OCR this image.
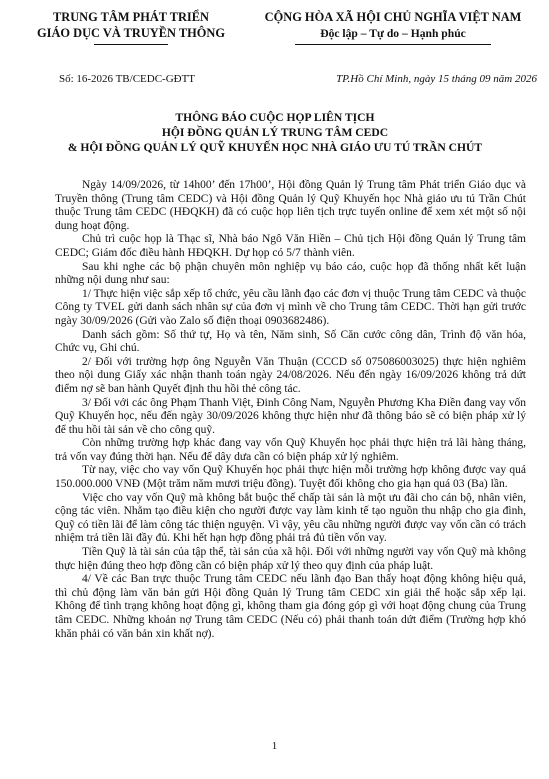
TRUNG TÂM PHÁT TRIỂN
GIÁO DỤC VÀ TRUYỀN THÔNG
CỘNG HÒA XÃ HỘI CHỦ NGHĨA VIỆT NAM
Độc lập – Tự do – Hạnh phúc
Số: 16-2026 TB/CEDC-GĐTT	TP.Hồ Chí Minh, ngày 15 tháng 09 năm 2026
THÔNG BÁO CUỘC HỌP LIÊN TỊCH
HỘI ĐỒNG QUẢN LÝ TRUNG TÂM CEDC
& HỘI ĐỒNG QUẢN LÝ QUỸ KHUYẾN HỌC NHÀ GIÁO ƯU TÚ TRẦN CHÚT

Ngày 14/09/2026, từ 14h00’ đến 17h00’, Hội đồng Quản lý Trung tâm Phát triển Giáo dục và Truyền thông (Trung tâm CEDC) và Hội đồng Quản lý Quỹ Khuyến học Nhà giáo ưu tú Trần Chút thuộc Trung tâm CEDC (HĐQKH) đã có cuộc họp liên tịch trực tuyến online để xem xét một số nội dung hoạt động.

Chủ trì cuộc họp là Thạc sĩ, Nhà báo Ngô Văn Hiền – Chủ tịch Hội đồng Quản lý Trung tâm CEDC; Giám đốc điều hành HĐQKH. Dự họp có 5/7 thành viên.

Sau khi nghe các bộ phận chuyên môn nghiệp vụ báo cáo, cuộc họp đã thống nhất kết luận những nội dung như sau:

1/ Thực hiện việc sắp xếp tổ chức, yêu cầu lãnh đạo các đơn vị thuộc Trung tâm CEDC và thuộc Công ty TVEL gửi danh sách nhân sự của đơn vị mình về cho Trung tâm CEDC. Thời hạn gửi trước ngày 30/09/2026 (Gửi vào Zalo số điện thoại 0903682486).

Danh sách gồm: Số thứ tự, Họ và tên, Năm sinh, Số Căn cước công dân, Trình độ văn hóa, Chức vụ, Ghi chú.

2/ Đối với trường hợp ông Nguyễn Văn Thuận (CCCD số 075086003025) thực hiện nghiêm theo nội dung Giấy xác nhận thanh toán ngày 24/08/2026. Nếu đến ngày 16/09/2026 không trả dứt điểm nợ sẽ ban hành Quyết định thu hồi thẻ công tác.

3/ Đối với các ông Phạm Thanh Việt, Đinh Công Nam, Nguyễn Phương Kha Điền đang vay vốn Quỹ Khuyến học, nếu đến ngày 30/09/2026 không thực hiện như đã thông báo sẽ có biện pháp xử lý để thu hồi tài sản về cho công quỹ.

Còn những trường hợp khác đang vay vốn Quỹ Khuyến học phải thực hiện trả lãi hàng tháng, trả vốn vay đúng thời hạn. Nếu để dây dưa cần có biện pháp xử lý nghiêm.

Từ nay, việc cho vay vốn Quỹ Khuyến học phải thực hiện mỗi trường hợp không được vay quá 150.000.000 VNĐ (Một trăm năm mươi triệu đồng). Tuyệt đối không cho gia hạn quá 03 (Ba) lần.

Việc cho vay vốn Quỹ mà không bắt buộc thế chấp tài sản là một ưu đãi cho cán bộ, nhân viên, cộng tác viên. Nhằm tạo điều kiện cho người được vay làm kinh tế tạo nguồn thu nhập cho gia đình, Quỹ có tiền lãi để làm công tác thiện nguyện. Vì vậy, yêu cầu những người được vay vốn cần có trách nhiệm trả tiền lãi đầy đủ. Khi hết hạn hợp đồng phải trả đủ tiền vốn vay.

Tiền Quỹ là tài sản của tập thể, tài sản của xã hội. Đối với những người vay vốn Quỹ mà không thực hiện đúng theo hợp đồng cần có biện pháp xử lý theo quy định của pháp luật.

4/ Về các Ban trực thuộc Trung tâm CEDC nếu lãnh đạo Ban thấy hoạt động không hiệu quả, thì chủ động làm văn bản gửi Hội đồng Quản lý Trung tâm CEDC xin giải thể hoặc sắp xếp lại. Không để tình trạng không hoạt động gì, không tham gia đóng góp gì với hoạt động chung của Trung tâm CEDC. Những khoản nợ Trung tâm CEDC (Nếu có) phải thanh toán dứt điểm (Trường hợp khó khăn phải có văn bản xin khất nợ).

1
